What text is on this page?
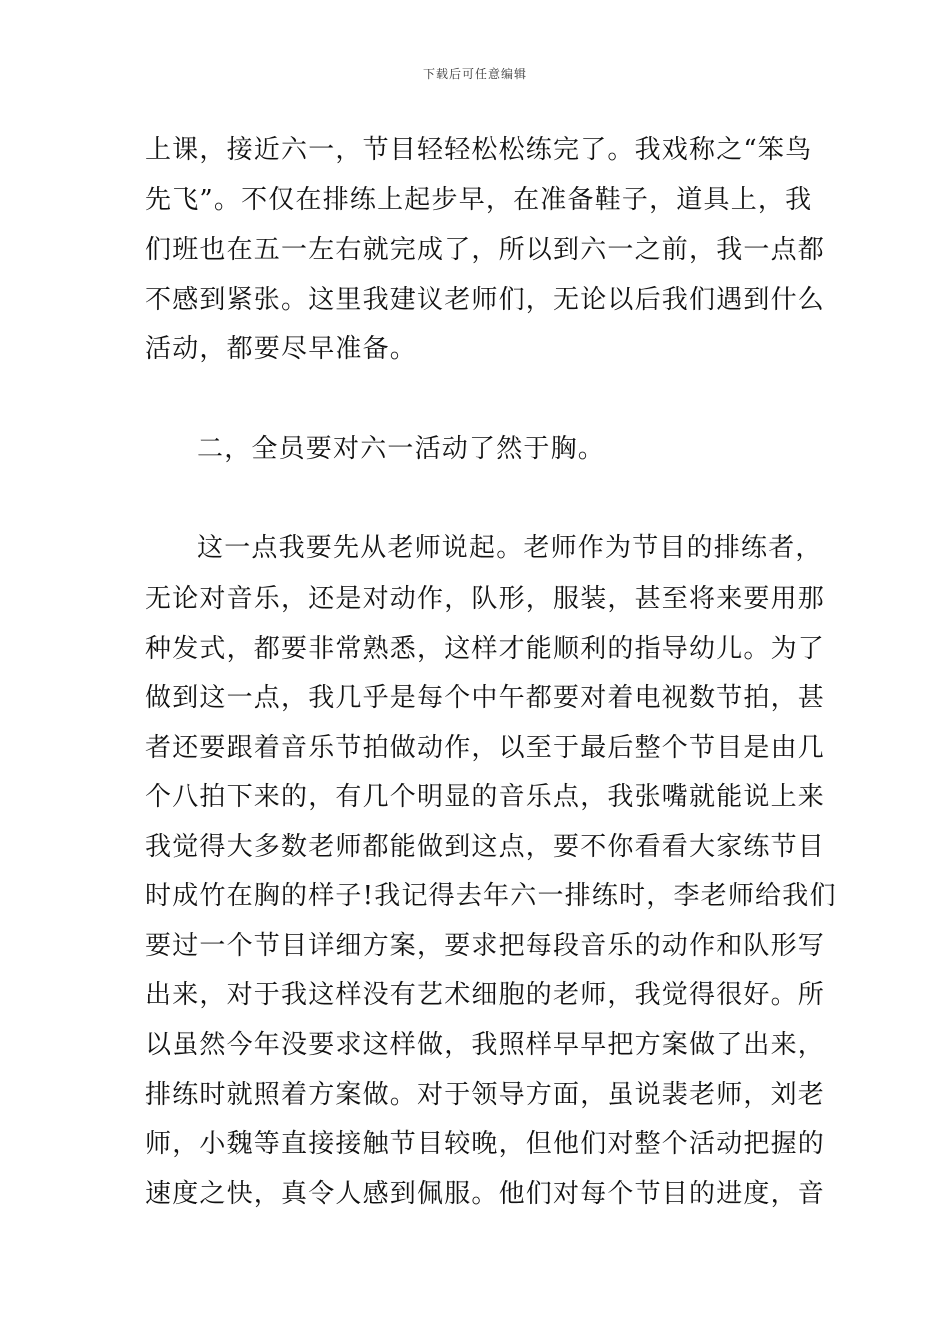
下载后可任意编辑
上课，接近六一，节目轻轻松松练完了。我戏称之“笨鸟
先飞”。不仅在排练上起步早，在准备鞋子，道具上，我
们班也在五一左右就完成了，所以到六一之前，我一点都
不感到紧张。这里我建议老师们，无论以后我们遇到什么
活动，都要尽早准备。
二，全员要对六一活动了然于胸。
这一点我要先从老师说起。老师作为节目的排练者，
无论对音乐，还是对动作，队形，服装，甚至将来要用那
种发式，都要非常熟悉，这样才能顺利的指导幼儿。为了
做到这一点，我几乎是每个中午都要对着电视数节拍，甚
者还要跟着音乐节拍做动作，以至于最后整个节目是由几
个八拍下来的，有几个明显的音乐点，我张嘴就能说上来
我觉得大多数老师都能做到这点，要不你看看大家练节目
时成竹在胸的样子!我记得去年六一排练时，李老师给我们
要过一个节目详细方案，要求把每段音乐的动作和队形写
出来，对于我这样没有艺术细胞的老师，我觉得很好。所
以虽然今年没要求这样做，我照样早早把方案做了出来，
排练时就照着方案做。对于领导方面，虽说裴老师，刘老
师，小魏等直接接触节目较晚，但他们对整个活动把握的
速度之快，真令人感到佩服。他们对每个节目的进度，音
